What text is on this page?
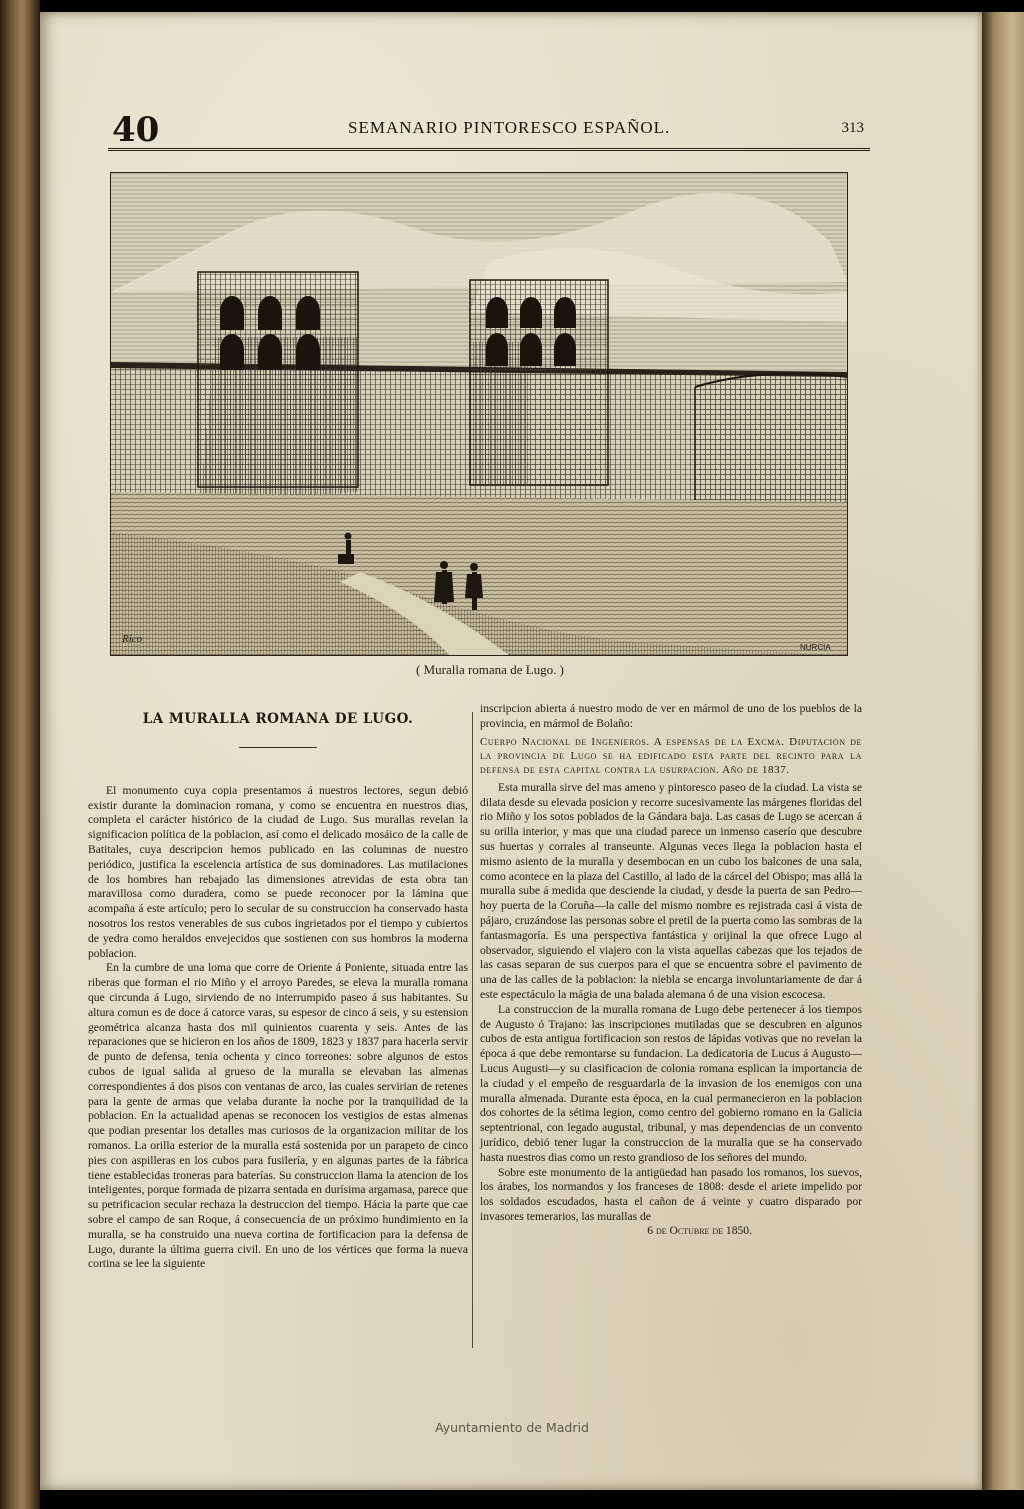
40	SEMANARIO PINTORESCO ESPAÑOL.	313
Rico
NURCIA
( Muralla romana de Lugo. )
LA MURALLA ROMANA DE LUGO.
El monumento cuya copia presentamos á nuestros lectores, segun debió existir durante la dominacion romana, y como se encuentra en nuestros dias, completa el carácter histórico de la ciudad de Lugo. Sus murallas revelan la significacion política de la poblacion, así como el delicado mosáico de la calle de Batitales, cuya descripcion hemos publicado en las columnas de nuestro periódico, justifica la escelencia artística de sus dominadores. Las mutilaciones de los hombres han rebajado las dimensiones atrevidas de esta obra tan maravillosa como duradera, como se puede reconocer por la lámina que acompaña á este artículo; pero lo secular de su construccion ha conservado hasta nosotros los restos venerables de sus cubos ingrietados por el tiempo y cubiertos de yedra como heraldos envejecidos que sostienen con sus hombros la moderna poblacion.
En la cumbre de una loma que corre de Oriente á Poniente, situada entre las riberas que forman el rio Miño y el arroyo Paredes, se eleva la muralla romana que circunda á Lugo, sirviendo de no interrumpido paseo á sus habitantes. Su altura comun es de doce á catorce varas, su espesor de cinco á seis, y su estension geométrica alcanza hasta dos mil quinientos cuarenta y seis. Antes de las reparaciones que se hicieron en los años de 1809, 1823 y 1837 para hacerla servir de punto de defensa, tenia ochenta y cinco torreones: sobre algunos de estos cubos de igual salida al grueso de la muralla se elevaban las almenas correspondientes á dos pisos con ventanas de arco, las cuales servirian de retenes para la gente de armas que velaba durante la noche por la tranquilidad de la poblacion. En la actualidad apenas se reconocen los vestigios de estas almenas que podian presentar los detalles mas curiosos de la organizacion militar de los romanos. La orilla esterior de la muralla está sostenida por un parapeto de cinco pies con aspilleras en los cubos para fusilería, y en algunas partes de la fábrica tiene establecidas troneras para baterías. Su construccion llama la atencion de los inteligentes, porque formada de pizarra sentada en durísima argamasa, parece que su petrificacion secular rechaza la destruccion del tiempo. Hácia la parte que cae sobre el campo de san Roque, á consecuencia de un próximo hundimiento en la muralla, se ha construido una nueva cortina de fortificacion para la defensa de Lugo, durante la última guerra civil. En uno de los vértices que forma la nueva cortina se lee la siguiente
inscripcion abierta á nuestro modo de ver en mármol de uno de los pueblos de la provincia, en mármol de Bolaño:
Cuerpo Nacional de Ingenieros. A espensas de la Excma. Diputacion de la provincia de Lugo se ha edificado esta parte del recinto para la defensa de esta capital contra la usurpacion. Año de 1837.
Esta muralla sirve del mas ameno y pintoresco paseo de la ciudad. La vista se dilata desde su elevada posicion y recorre sucesivamente las márgenes floridas del rio Miño y los sotos poblados de la Gándara baja. Las casas de Lugo se acercan á su orilla interior, y mas que una ciudad parece un inmenso caserío que descubre sus huertas y corrales al transeunte. Algunas veces llega la poblacion hasta el mismo asiento de la muralla y desembocan en un cubo los balcones de una sala, como acontece en la plaza del Castillo, al lado de la cárcel del Obispo; mas allá la muralla sube á medida que desciende la ciudad, y desde la puerta de san Pedro—hoy puerta de la Coruña—la calle del mismo nombre es rejistrada casi á vista de pájaro, cruzándose las personas sobre el pretil de la puerta como las sombras de la fantasmagoría. Es una perspectiva fantástica y orijinal la que ofrece Lugo al observador, siguiendo el viajero con la vista aquellas cabezas que los tejados de las casas separan de sus cuerpos para el que se encuentra sobre el pavimento de una de las calles de la poblacion: la niebla se encarga involuntariamente de dar á este espectáculo la mágia de una balada alemana ó de una vision escocesa.
La construccion de la muralla romana de Lugo debe pertenecer á los tiempos de Augusto ó Trajano: las inscripciones mutiladas que se descubren en algunos cubos de esta antigua fortificacion son restos de lápidas votivas que no revelan la época á que debe remontarse su fundacion. La dedicatoria de Lucus á Augusto—Lucus Augusti—y su clasificacion de colonia romana esplican la importancia de la ciudad y el empeño de resguardarla de la invasion de los enemigos con una muralla almenada. Durante esta época, en la cual permanecieron en la poblacion dos cohortes de la sétima legion, como centro del gobierno romano en la Galicia septentrional, con legado augustal, tribunal, y mas dependencias de un convento jurídico, debió tener lugar la construccion de la muralla que se ha conservado hasta nuestros dias como un resto grandioso de los señores del mundo.
Sobre este monumento de la antigüedad han pasado los romanos, los suevos, los árabes, los normandos y los franceses de 1808: desde el ariete impelido por los soldados escudados, hasta el cañon de á veinte y cuatro disparado por invasores temerarios, las murallas de
6 de Octubre de 1850.
Ayuntamiento de Madrid
